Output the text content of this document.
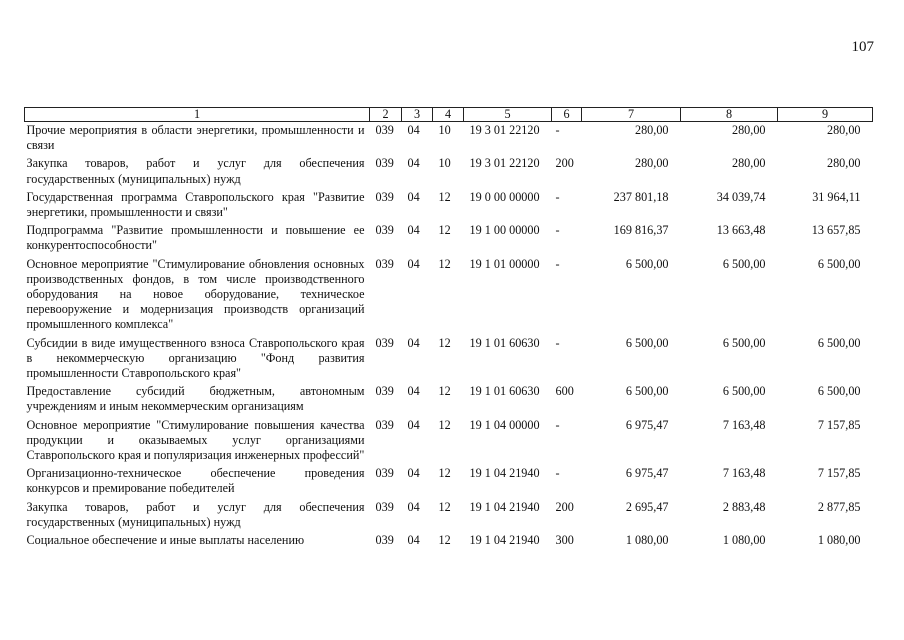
107
1	2	3	4	5	6	7	8	9
Прочие мероприятия в области энергетики, промышленности и связи	039	04	10	19 3 01 22120	-	280,00	280,00	280,00
Закупка товаров, работ и услуг для обеспечения государственных (муниципальных) нужд	039	04	10	19 3 01 22120	200	280,00	280,00	280,00
Государственная программа Ставропольского края "Развитие энергетики, промышленности и связи"	039	04	12	19 0 00 00000	-	237 801,18	34 039,74	31 964,11
Подпрограмма "Развитие промышленности и повышение ее конкурентоспособности"	039	04	12	19 1 00 00000	-	169 816,37	13 663,48	13 657,85
Основное мероприятие "Стимулирование обновления основных производственных фондов, в том числе производственного оборудования на новое оборудование, техническое перевооружение и модернизация производств организаций промышленного комплекса"	039	04	12	19 1 01 00000	-	6 500,00	6 500,00	6 500,00
Субсидии в виде имущественного взноса Ставропольского края в некоммерческую организацию "Фонд развития промышленности Ставропольского края"	039	04	12	19 1 01 60630	-	6 500,00	6 500,00	6 500,00
Предоставление субсидий бюджетным, автономным учреждениям и иным некоммерческим организациям	039	04	12	19 1 01 60630	600	6 500,00	6 500,00	6 500,00
Основное мероприятие "Стимулирование повышения качества продукции и оказываемых услуг организациями Ставропольского края и популяризация инженерных профессий"	039	04	12	19 1 04 00000	-	6 975,47	7 163,48	7 157,85
Организационно-техническое обеспечение проведения конкурсов и премирование победителей	039	04	12	19 1 04 21940	-	6 975,47	7 163,48	7 157,85
Закупка товаров, работ и услуг для обеспечения государственных (муниципальных) нужд	039	04	12	19 1 04 21940	200	2 695,47	2 883,48	2 877,85
Социальное обеспечение и иные выплаты населению	039	04	12	19 1 04 21940	300	1 080,00	1 080,00	1 080,00
